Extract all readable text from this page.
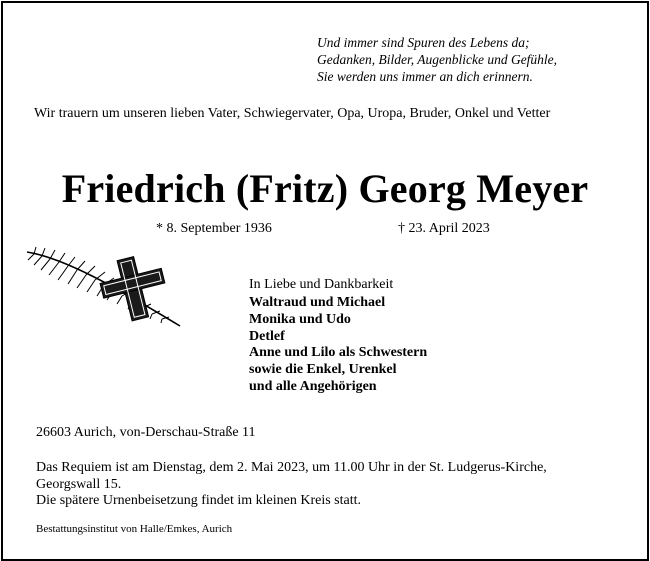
Und immer sind Spuren des Lebens da;
Gedanken, Bilder, Augenblicke und Gefühle,
Sie werden uns immer an dich erinnern.
Wir trauern um unseren lieben Vater, Schwiegervater, Opa, Uropa, Bruder, Onkel und Vetter
Friedrich (Fritz) Georg Meyer
* 8. September 1936	† 23. April 2023
In Liebe und Dankbarkeit
Waltraud und Michael
Monika und Udo
Detlef
Anne und Lilo als Schwestern
sowie die Enkel, Urenkel
und alle Angehörigen
26603 Aurich, von-Derschau-Straße 11
Das Requiem ist am Dienstag, dem 2. Mai 2023, um 11.00 Uhr in der St. Ludgerus-Kirche,
Georgswall 15.
Die spätere Urnenbeisetzung findet im kleinen Kreis statt.
Bestattungsinstitut von Halle/Emkes, Aurich
